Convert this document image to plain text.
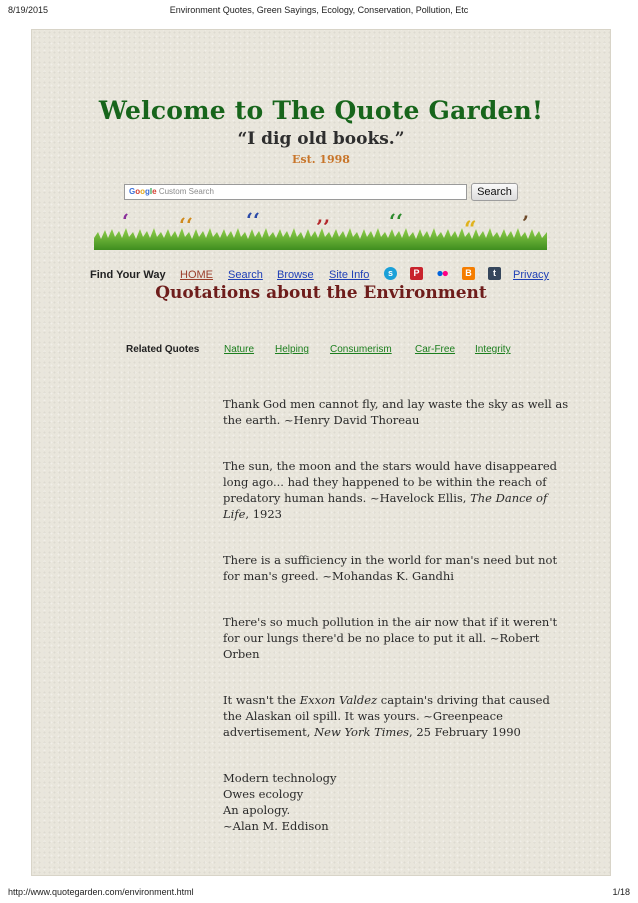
8/19/2015	Environment Quotes, Green Sayings, Ecology, Conservation, Pollution, Etc
Welcome to The Quote Garden!
“I dig old books.”
Est. 1998
Google Custom Search	Search
‘	‘‘	‘‘	’’	‘‘	“ ’
Find Your Way HOME Search Browse Site Info	s	P	B	t	Privacy
Quotations about the Environment
Related Quotes Nature Helping Consumerism Car-Free Integrity

Thank God men cannot fly, and lay waste the sky as well as
the earth. ~Henry David Thoreau

The sun, the moon and the stars would have disappeared
long ago... had they happened to be within the reach of
predatory human hands. ~Havelock Ellis, The Dance of
Life, 1923

There is a sufficiency in the world for man's need but not
for man's greed. ~Mohandas K. Gandhi

There's so much pollution in the air now that if it weren't
for our lungs there'd be no place to put it all. ~Robert
Orben

It wasn't the Exxon Valdez captain's driving that caused
the Alaskan oil spill. It was yours. ~Greenpeace
advertisement, New York Times, 25 February 1990

Modern technology
Owes ecology
An apology.
~Alan M. Eddison

http://www.quotegarden.com/environment.html	1/18
